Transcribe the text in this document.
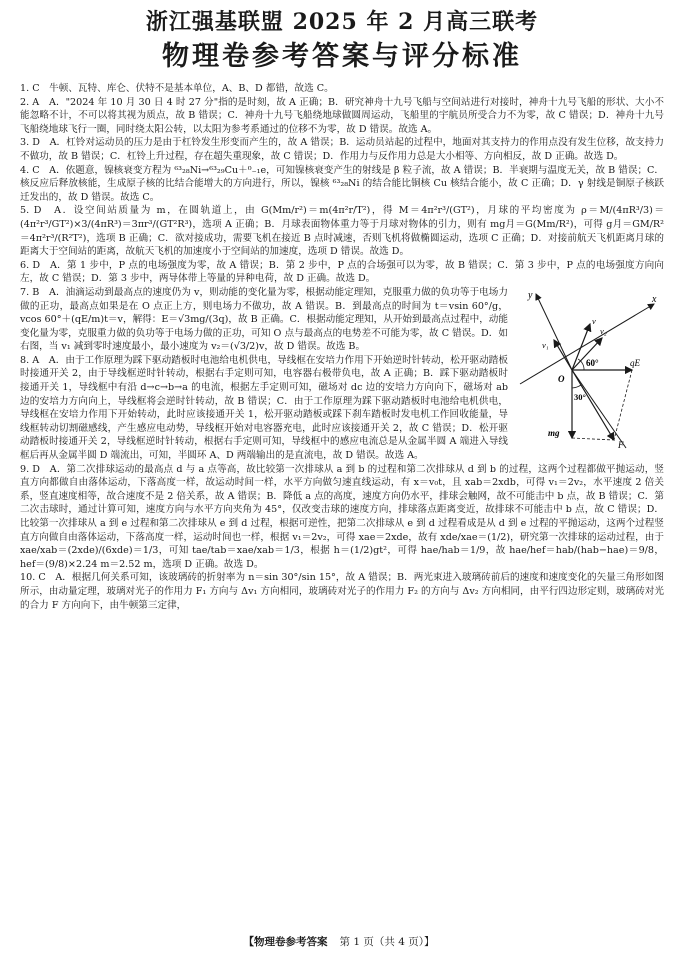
浙江强基联盟 2025 年 2 月高三联考
物理卷参考答案与评分标准

1. C　牛顿、瓦特、库仑、伏特不是基本单位，A、B、D 都错，故选 C。

2. A　A．"2024 年 10 月 30 日 4 时 27 分"指的是时刻，故 A 正确；B．研究神舟十九号飞船与空间站进行对接时，神舟十九号飞船的形状、大小不能忽略不计，不可以将其视为质点，故 B 错误；C．神舟十九号飞船绕地球做圆周运动，飞船里的宇航员所受合力不为零，故 C 错误；D．神舟十九号飞船绕地球飞行一圈，同时绕太阳公转，以太阳为参考系通过的位移不为零，故 D 错误。故选 A。

3. D　A．杠铃对运动员的压力是由于杠铃发生形变而产生的，故 A 错误；B．运动员站起的过程中，地面对其支持力的作用点没有发生位移，故支持力不做功，故 B 错误；C．杠铃上升过程，存在超失重现象，故 C 错误；D．作用力与反作用力总是大小相等、方向相反，故 D 正确。故选 D。

4. C　A．依题意，镍核衰变方程为 ⁶³₂₈Ni→⁶³₂₉Cu＋⁰₋₁e，可知镍核衰变产生的射线是 β 粒子流，故 A 错误；B．半衰期与温度无关，故 B 错误；C．核反应后释放核能，生成原子核的比结合能增大的方向进行，所以，镍核 ⁶³₂₈Ni 的结合能比铜核 Cu 核结合能小，故 C 正确；D．γ 射线是铜原子核跃迁发出的，故 D 错误。故选 C。

5. D　A．设空间站质量为 m，在圆轨道上，由 G(Mm/r²)＝m(4π²r/T²)，得 M＝4π²r³/(GT²)，月球的平均密度为 ρ＝M/(4πR³/3)＝(4π²r³/GT²)×3/(4πR³)＝3πr³/(GT²R³)，选项 A 正确；B．月球表面物体重力等于月球对物体的引力，则有 mg月＝G(Mm/R²)，可得 g月＝GM/R²＝4π²r³/(R²T²)，选项 B 正确；C．欲对接成功，需要飞机在接近 B 点时减速，否则飞机将做椭圆运动，选项 C 正确；D．对接前航天飞机距离月球的距离大于空间站的距离，故航天飞机的加速度小于空间站的加速度，选项 D 错误。故选 D。

6. D　A．第 1 步中，P 点的电场强度为零，故 A 错误；B．第 2 步中，P 点的合场强可以为零，故 B 错误；C．第 3 步中，P 点的电场强度方向向左，故 C 错误；D．第 3 步中，两导体带上等量的异种电荷，故 D 正确。故选 D。

y	x
v₁
v
v₂
60°	qE
O
30°
mg
F

7. B　A．油滴运动到最高点的速度仍为 v，则动能的变化量为零，根据动能定理知，克服重力做的负功等于电场力做的正功，最高点如果是在 O 点正上方，则电场力不做功，故 A 错误。B．到最高点的时间为 t＝vsin 60°/g，vcos 60°＋(qE/m)t＝v，解得：E＝√3mg/(3q)，故 B 正确。C．根据动能定理知，从开始到最高点过程中，动能变化量为零，克服重力做的负功等于电场力做的正功，可知 O 点与最高点的电势差不可能为零，故 C 错误。D．如右图，当 v₁ 减到零时速度最小，最小速度为 v₂＝(√3/2)v，故 D 错误。故选 B。

8. A　A．由于工作原理为踩下驱动踏板时电池给电机供电，导线框在安培力作用下开始逆时针转动，松开驱动踏板时接通开关 2，由于导线框逆时针转动，根据右手定则可知，电容器右极带负电，故 A 正确；B．踩下驱动踏板时接通开关 1，导线框中有沿 d→c→b→a 的电流，根据左手定则可知，磁场对 dc 边的安培力方向向下，磁场对 ab 边的安培力方向向上，导线框将会逆时针转动，故 B 错误；C．由于工作原理为踩下驱动踏板时电池给电机供电，导线框在安培力作用下开始转动，此时应该接通开关 1，松开驱动踏板或踩下刹车踏板时发电机工作回收能量，导线框转动切割磁感线，产生感应电动势，导线框开始对电容器充电，此时应该接通开关 2，故 C 错误；D．松开驱动踏板时接通开关 2，导线框逆时针转动，根据右手定则可知，导线框中的感应电流总是从金属半圆 A 端进入导线框后再从金属半圆 D 端流出，可知，半圆环 A、D 两端输出的是直流电，故 D 错误。故选 A。

9. D　A．第二次排球运动的最高点 d 与 a 点等高，故比较第一次排球从 a 到 b 的过程和第二次排球从 d 到 b 的过程，这两个过程都做平抛运动，竖直方向都做自由落体运动，下落高度一样，故运动时间一样，水平方向做匀速直线运动，有 x＝v₀t，且 xab＝2xdb，可得 v₁＝2v₂，水平速度 2 倍关系，竖直速度相等，故合速度不是 2 倍关系，故 A 错误；B．降低 a 点的高度，速度方向仍水平，排球会触网，故不可能击中 b 点，故 B 错误；C．第二次击球时，通过计算可知，速度方向与水平方向夹角为 45°，仅改变击球的速度方向，排球落点距离变近，故排球不可能击中 b 点，故 C 错误；D．比较第一次排球从 a 到 e 过程和第二次排球从 e 到 d 过程，根据可逆性，把第二次排球从 e 到 d 过程看成是从 d 到 e 过程的平抛运动，这两个过程竖直方向做自由落体运动，下落高度一样，运动时间也一样，根据 v₁＝2v₂，可得 xae＝2xde，故有 xde/xae＝(1/2)，研究第一次排球的运动过程，由于 xae/xab＝(2xde)/(6xde)＝1/3，可知 tae/tab＝xae/xab＝1/3，根据 h＝(1/2)gt²，可得 hae/hab＝1/9，故 hae/hef＝hab/(hab−hae)＝9/8，hef＝(9/8)×2.24 m＝2.52 m，选项 D 正确。故选 D。

10. C　A．根据几何关系可知，该玻璃砖的折射率为 n＝sin 30°/sin 15°，故 A 错误；B．两光束进入玻璃砖前后的速度和速度变化的矢量三角形如图所示，由动量定理，玻璃对光子的作用力 F₁ 方向与 Δv₁ 方向相同，玻璃砖对光子的作用力 F₂ 的方向与 Δv₂ 方向相同，由平行四边形定则，玻璃砖对光的合力 F 方向向下，由牛顿第三定律，

【物理卷参考答案 第 1 页（共 4 页）】
